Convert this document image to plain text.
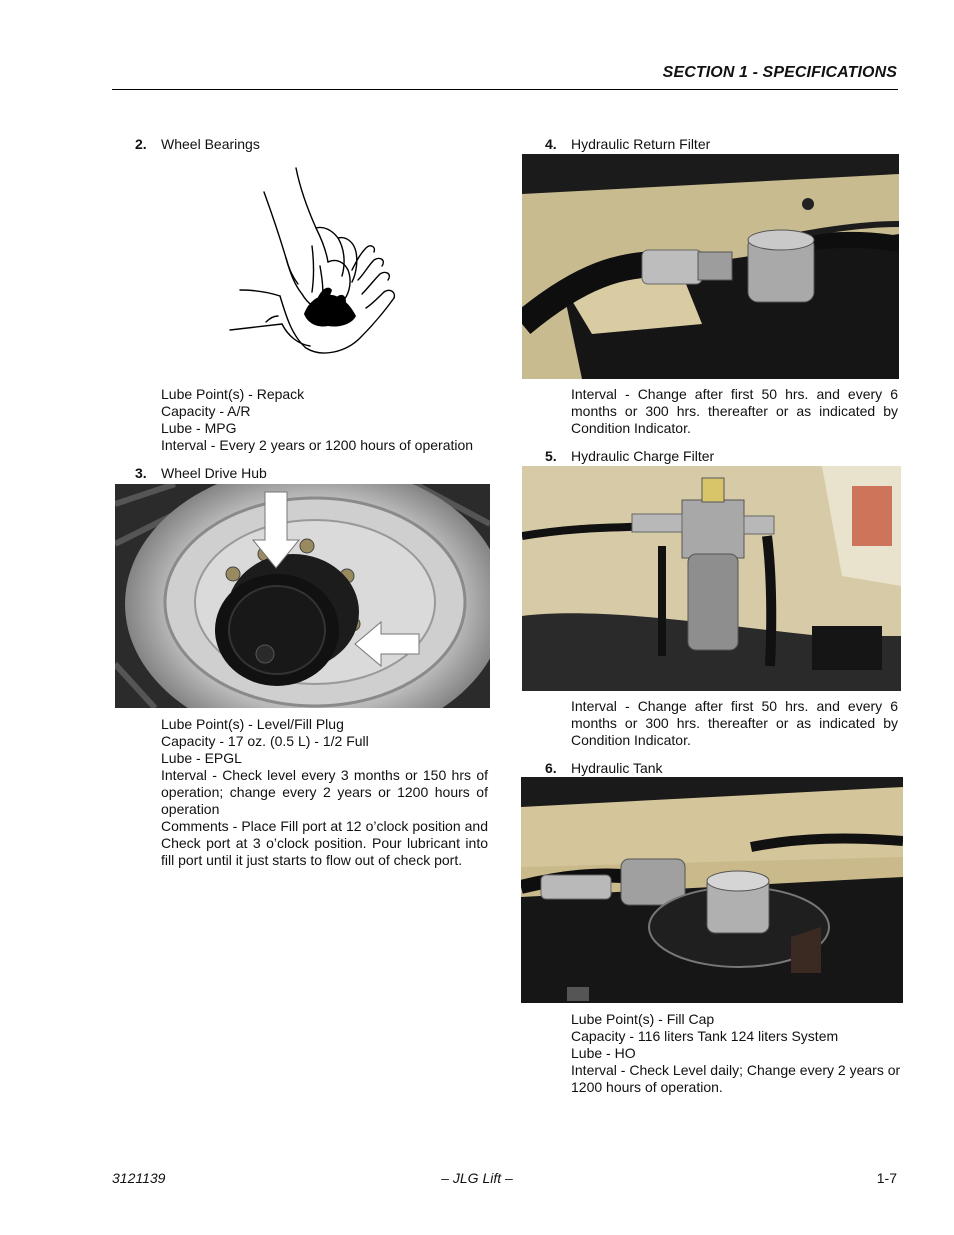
SECTION 1 - SPECIFICATIONS
2. Wheel Bearings
Lube Point(s) - Repack
Capacity - A/R
Lube - MPG
Interval - Every 2 years or 1200 hours of operation
3. Wheel Drive Hub
Lube Point(s) - Level/Fill Plug
Capacity - 17 oz. (0.5 L) - 1/2 Full
Lube - EPGL
Interval - Check level every 3 months or 150 hrs of operation; change every 2 years or 1200 hours of operation
Comments - Place Fill port at 12 o’clock position and Check port at 3 o’clock position. Pour lubricant into fill port until it just starts to flow out of check port.
4. Hydraulic Return Filter
Interval - Change after first 50 hrs. and every 6 months or 300 hrs. thereafter or as indicated by Condition Indicator.
5. Hydraulic Charge Filter
Interval - Change after first 50 hrs. and every 6 months or 300 hrs. thereafter or as indicated by Condition Indicator.
6. Hydraulic Tank
Lube Point(s) - Fill Cap
Capacity - 116 liters Tank 124 liters System
Lube - HO
Interval - Check Level daily; Change every 2 years or 1200 hours of operation.
3121139	– JLG Lift –	1-7
